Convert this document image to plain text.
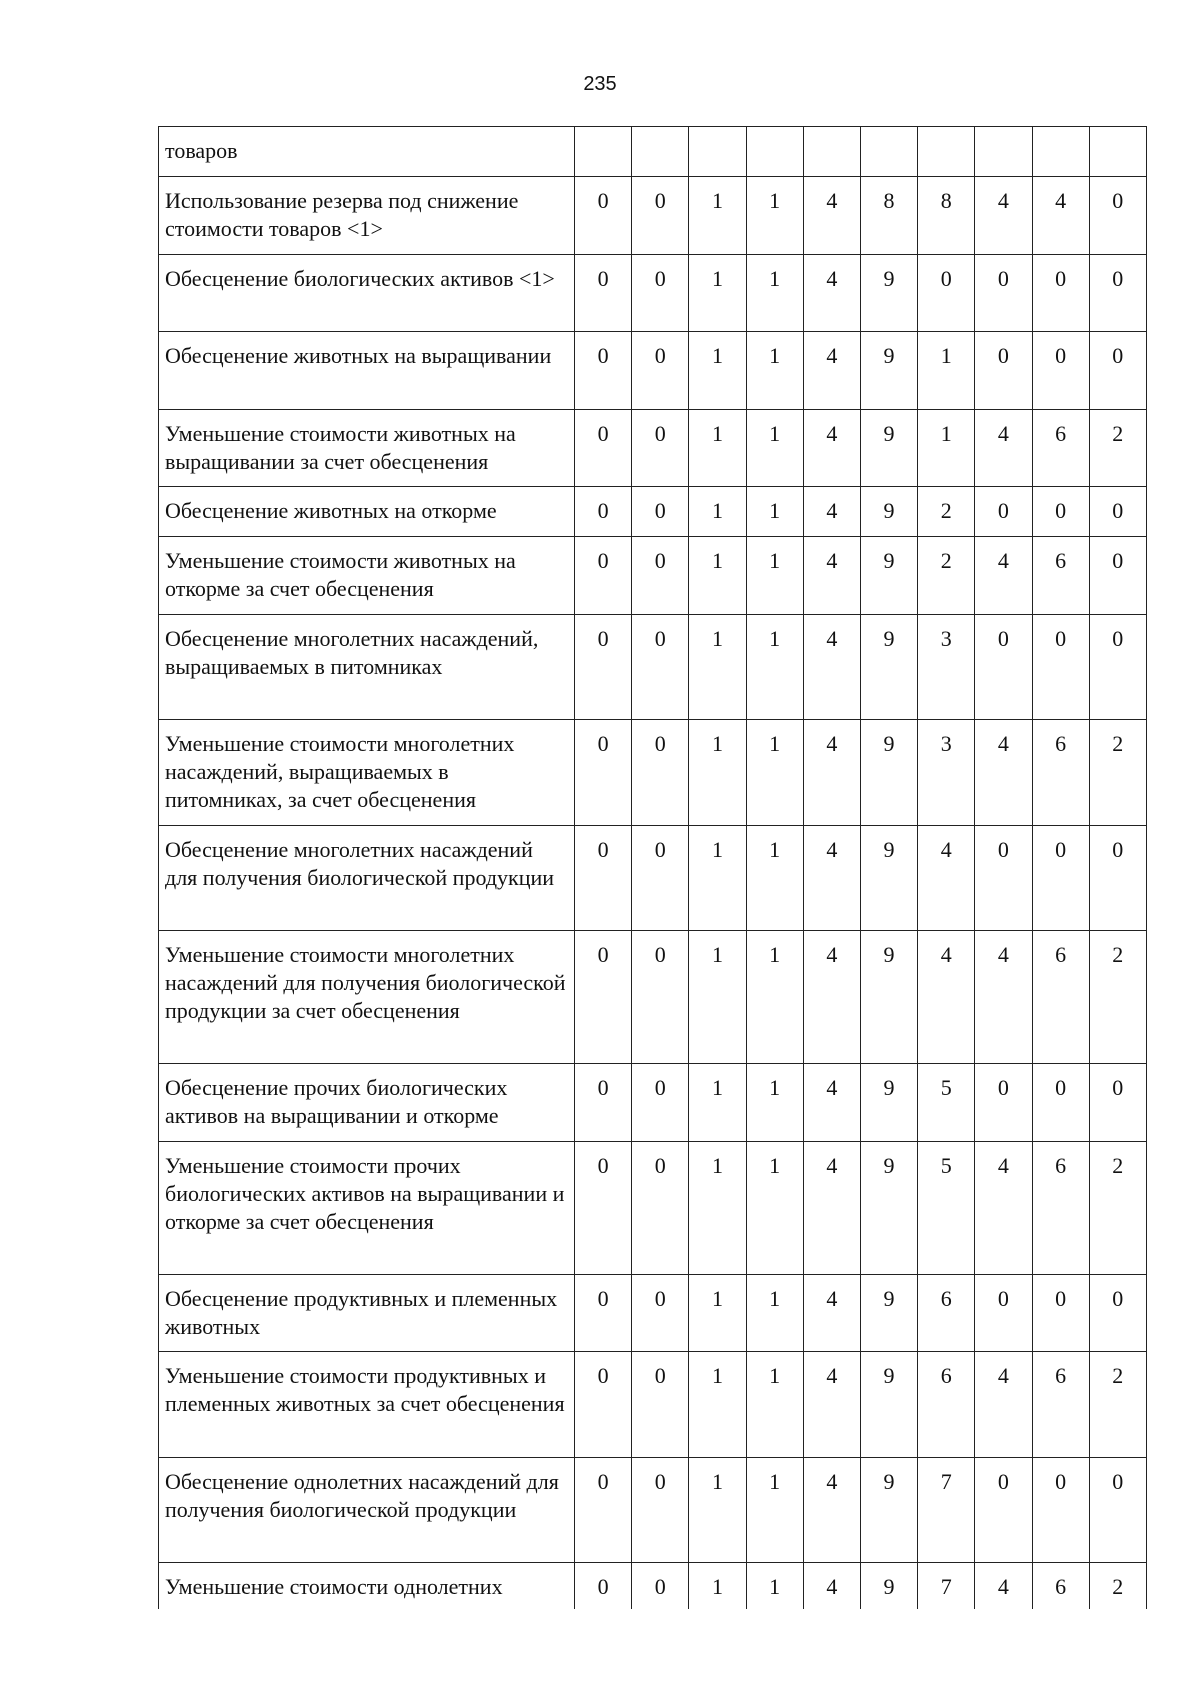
235
товаров										
Использование резерва под снижение стоимости товаров <1>	0	0	1	1	4	8	8	4	4	0
Обесценение биологических активов <1>	0	0	1	1	4	9	0	0	0	0
Обесценение животных на выращивании	0	0	1	1	4	9	1	0	0	0
Уменьшение стоимости животных на выращивании за счет обесценения	0	0	1	1	4	9	1	4	6	2
Обесценение животных на откорме	0	0	1	1	4	9	2	0	0	0
Уменьшение стоимости животных на откорме за счет обесценения	0	0	1	1	4	9	2	4	6	0
Обесценение многолетних насаждений, выращиваемых в питомниках	0	0	1	1	4	9	3	0	0	0
Уменьшение стоимости многолетних насаждений, выращиваемых в питомниках, за счет обесценения	0	0	1	1	4	9	3	4	6	2
Обесценение многолетних насаждений для получения биологической продукции	0	0	1	1	4	9	4	0	0	0
Уменьшение стоимости многолетних насаждений для получения биологической продукции за счет обесценения	0	0	1	1	4	9	4	4	6	2
Обесценение прочих биологических активов на выращивании и откорме	0	0	1	1	4	9	5	0	0	0
Уменьшение стоимости прочих биологических активов на выращивании и откорме за счет обесценения	0	0	1	1	4	9	5	4	6	2
Обесценение продуктивных и племенных животных	0	0	1	1	4	9	6	0	0	0
Уменьшение стоимости продуктивных и племенных животных за счет обесценения	0	0	1	1	4	9	6	4	6	2
Обесценение однолетних насаждений для получения биологической продукции	0	0	1	1	4	9	7	0	0	0
Уменьшение стоимости однолетних	0	0	1	1	4	9	7	4	6	2
